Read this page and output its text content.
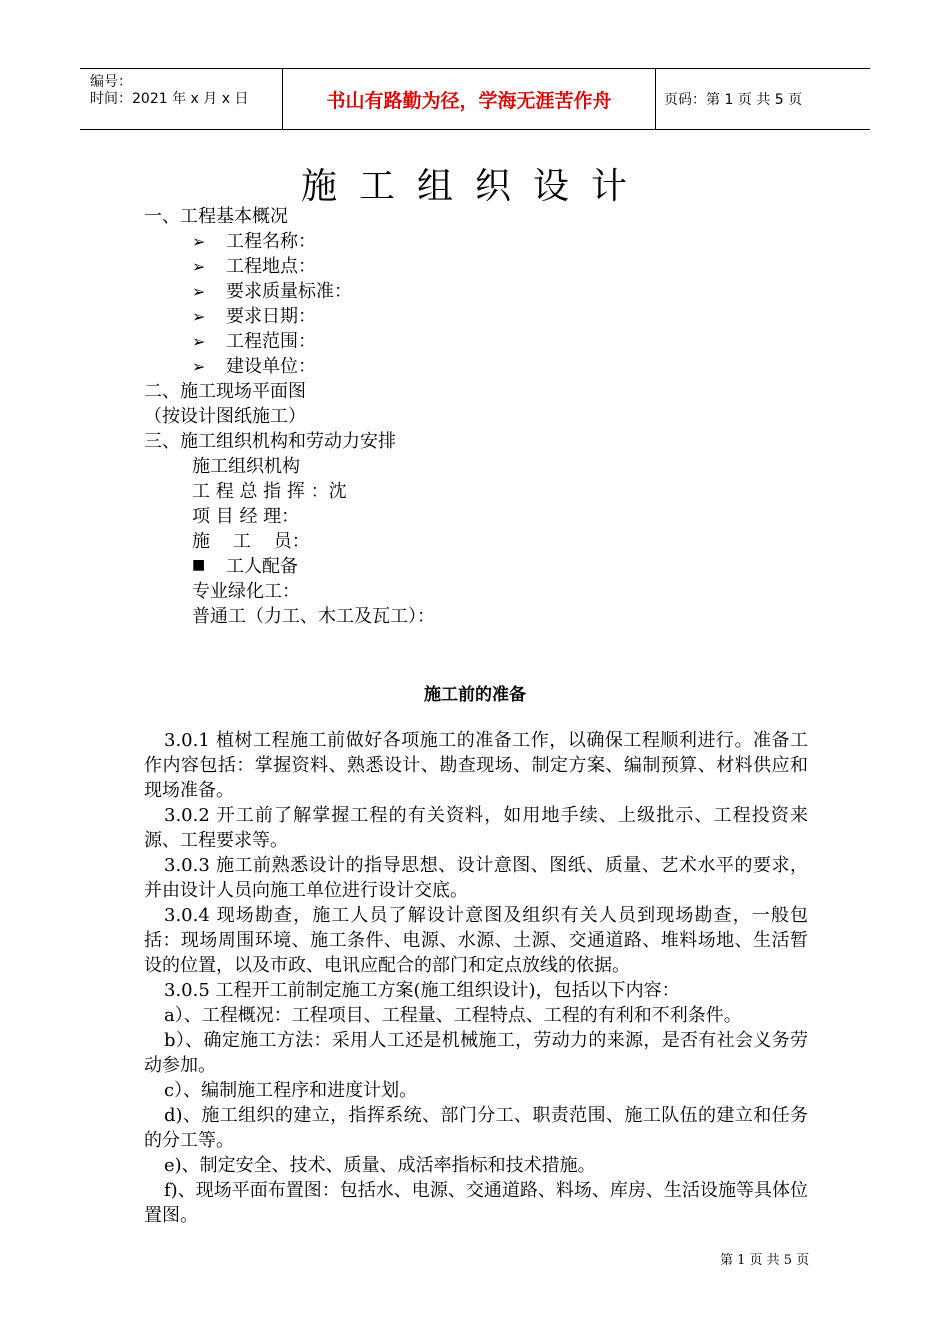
编号：
时间：2021 年 x 月 x 日	书山有路勤为径，学海无涯苦作舟	页码：第 1 页 共 5 页
施工组织设计
一、工程基本概况
➢ 工程名称：
➢ 工程地点：
➢ 要求质量标准：
➢ 要求日期：
➢ 工程范围：
➢ 建设单位：
二、施工现场平面图
（按设计图纸施工）
三、施工组织机构和劳动力安排
施工组织机构
工 程 总 指 挥 ：沈
项 目 经 理：
施    工    员：
■ 工人配备
专业绿化工：
普通工（力工、木工及瓦工）：
施工前的准备
3.0.1 植树工程施工前做好各项施工的准备工作，以确保工程顺利进行。准备工作内容包括：掌握资料、熟悉设计、勘查现场、制定方案、编制预算、材料供应和现场准备。
3.0.2 开工前了解掌握工程的有关资料，如用地手续、上级批示、工程投资来源、工程要求等。
3.0.3 施工前熟悉设计的指导思想、设计意图、图纸、质量、艺术水平的要求，并由设计人员向施工单位进行设计交底。
3.0.4 现场勘查，施工人员了解设计意图及组织有关人员到现场勘查，一般包括：现场周围环境、施工条件、电源、水源、土源、交通道路、堆料场地、生活暂设的位置，以及市政、电讯应配合的部门和定点放线的依据。
3.0.5 工程开工前制定施工方案(施工组织设计)，包括以下内容：
a）、工程概况：工程项目、工程量、工程特点、工程的有利和不利条件。
b）、确定施工方法：采用人工还是机械施工，劳动力的来源，是否有社会义务劳动参加。
c）、编制施工程序和进度计划。
d)、施工组织的建立，指挥系统、部门分工、职责范围、施工队伍的建立和任务的分工等。
e)、制定安全、技术、质量、成活率指标和技术措施。
f)、现场平面布置图：包括水、电源、交通道路、料场、库房、生活设施等具体位置图。
第 1 页 共 5 页
